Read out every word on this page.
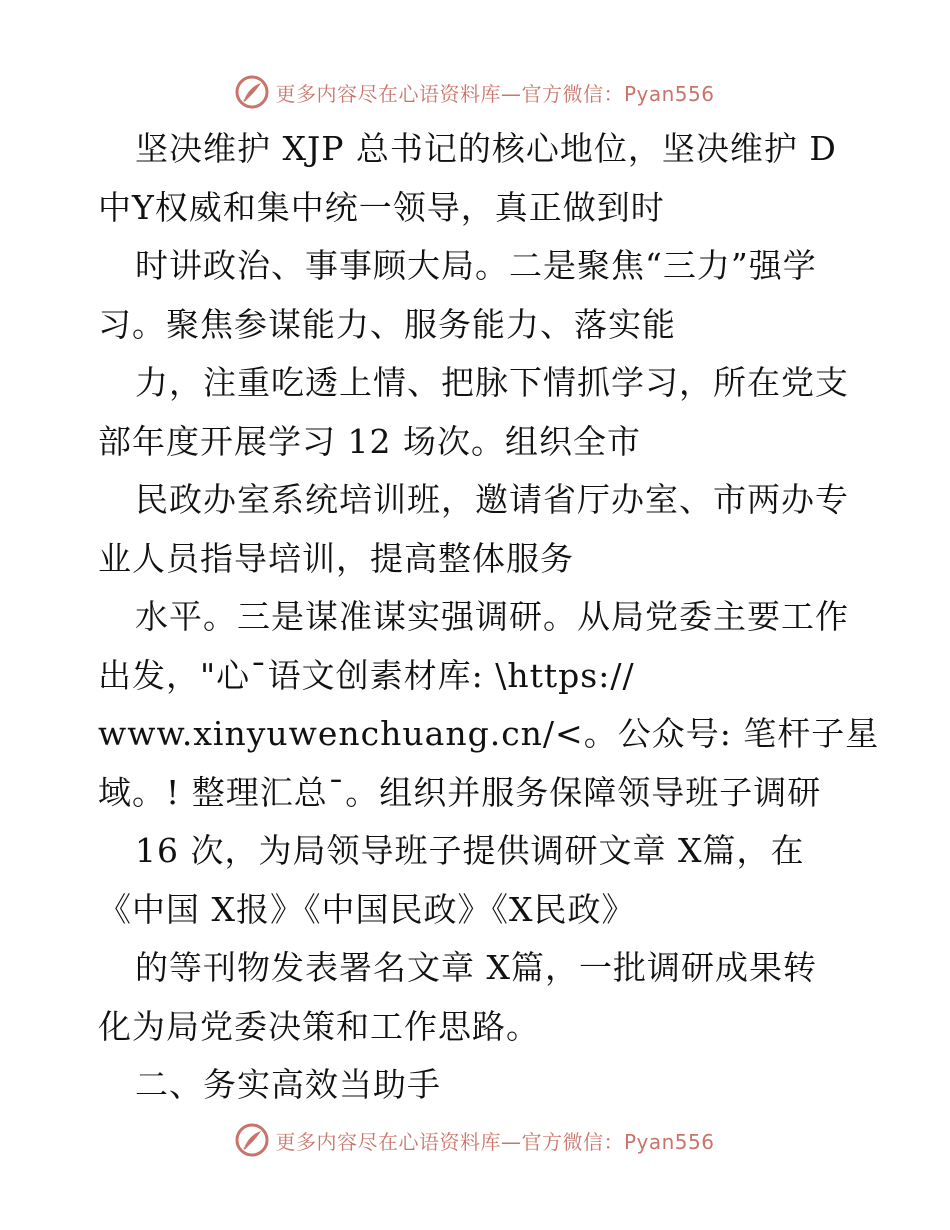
更多内容尽在心语资料库—官方微信：Pyan556
坚决维护 XJP 总书记的核心地位，坚决维护 D
中Y权威和集中统一领导，真正做到时
时讲政治、事事顾大局。二是聚焦“三力”强学
习。聚焦参谋能力、服务能力、落实能
力，注重吃透上情、把脉下情抓学习，所在党支
部年度开展学习 12 场次。组织全市
民政办室系统培训班，邀请省厅办室、市两办专
业人员指导培训，提高整体服务
水平。三是谋准谋实强调研。从局党委主要工作
出发，"心¯语文创素材库: \https://
www.xinyuwenchuang.cn/<。公众号: 笔杆子星
域。! 整理汇总¯。组织并服务保障领导班子调研
16 次，为局领导班子提供调研文章 X篇，在
《中国 X报》《中国民政》《X民政》
的等刊物发表署名文章 X篇，一批调研成果转
化为局党委决策和工作思路。
二、务实高效当助手
更多内容尽在心语资料库—官方微信：Pyan556
